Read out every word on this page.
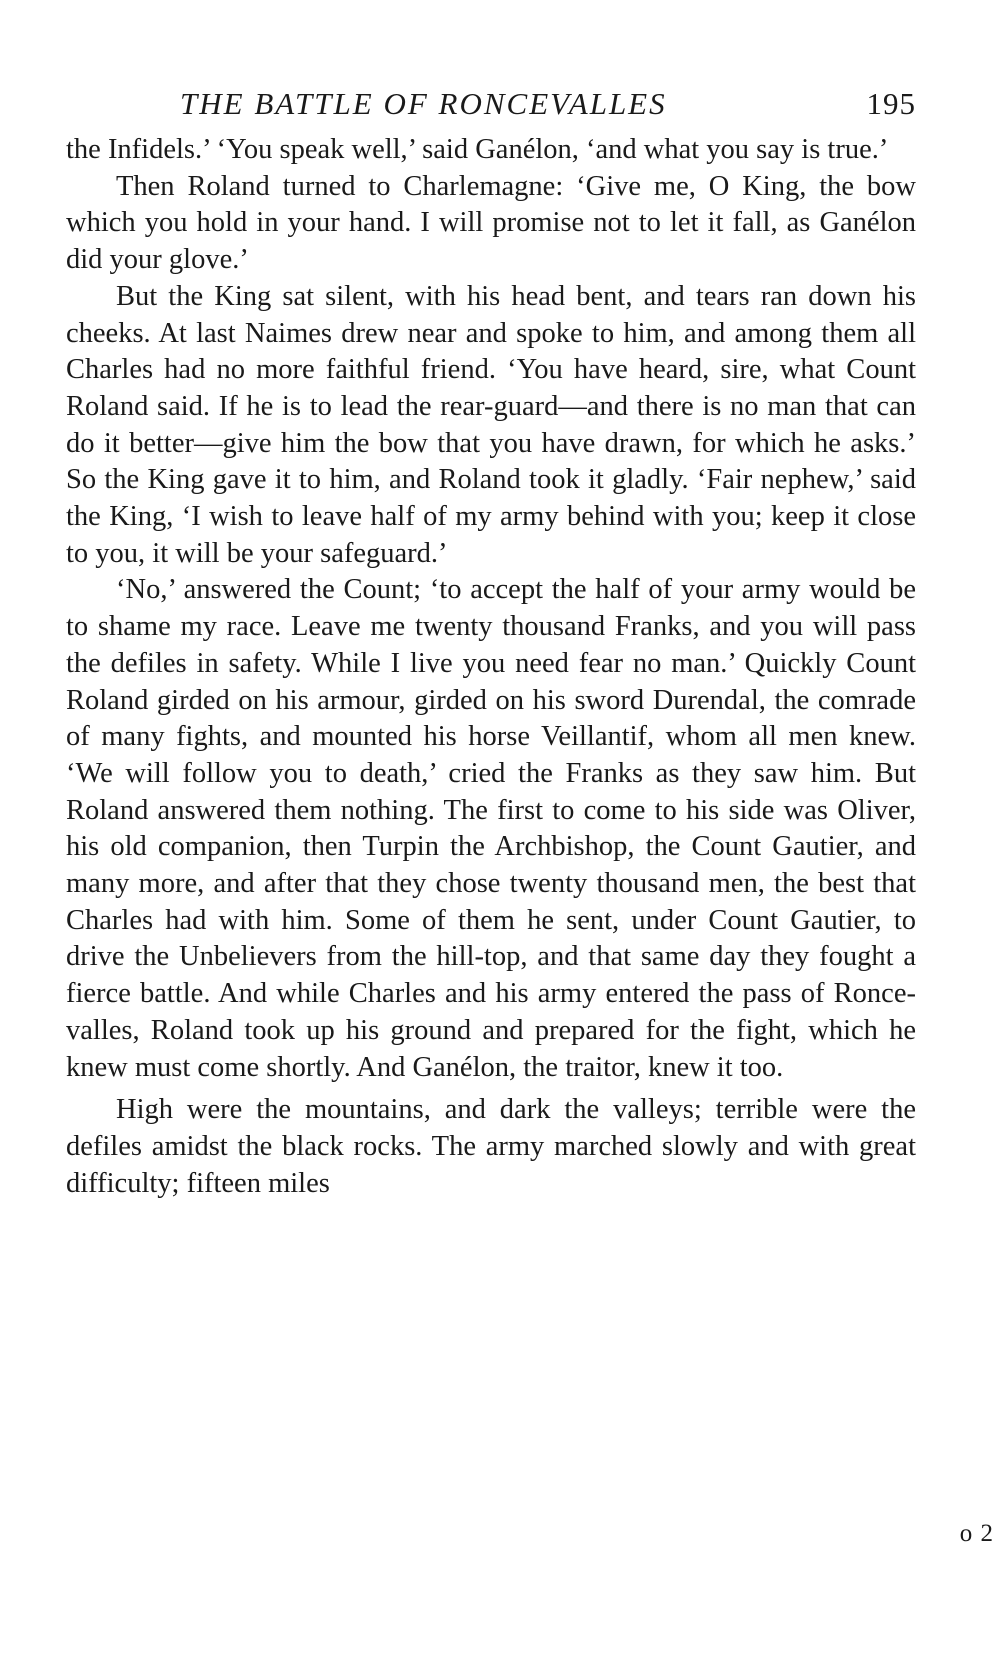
THE BATTLE OF RONCEVALLES	195

the Infidels.’ ‘You speak well,’ said Ganélon, ‘and what you say is true.’

Then Roland turned to Charlemagne: ‘Give me, O King, the bow which you hold in your hand. I will promise not to let it fall, as Ganélon did your glove.’

But the King sat silent, with his head bent, and tears ran down his cheeks. At last Naimes drew near and spoke to him, and among them all Charles had no more faithful friend. ‘You have heard, sire, what Count Roland said. If he is to lead the rear-guard—and there is no man that can do it better—give him the bow that you have drawn, for which he asks.’ So the King gave it to him, and Roland took it gladly. ‘Fair nephew,’ said the King, ‘I wish to leave half of my army behind with you; keep it close to you, it will be your safeguard.’

‘No,’ answered the Count; ‘to accept the half of your army would be to shame my race. Leave me twenty thousand Franks, and you will pass the defiles in safety. While I live you need fear no man.’ Quickly Count Roland girded on his armour, girded on his sword Durendal, the comrade of many fights, and mounted his horse Veillantif, whom all men knew. ‘We will follow you to death,’ cried the Franks as they saw him. But Roland answered them nothing. The first to come to his side was Oliver, his old companion, then Turpin the Archbishop, the Count Gautier, and many more, and after that they chose twenty thousand men, the best that Charles had with him. Some of them he sent, under Count Gautier, to drive the Unbelievers from the hill-top, and that same day they fought a fierce battle. And while Charles and his army entered the pass of Roncevalles, Roland took up his ground and prepared for the fight, which he knew must come shortly. And Ganélon, the traitor, knew it too.

High were the mountains, and dark the valleys; terrible were the defiles amidst the black rocks. The army marched slowly and with great difficulty; fifteen miles

o 2
